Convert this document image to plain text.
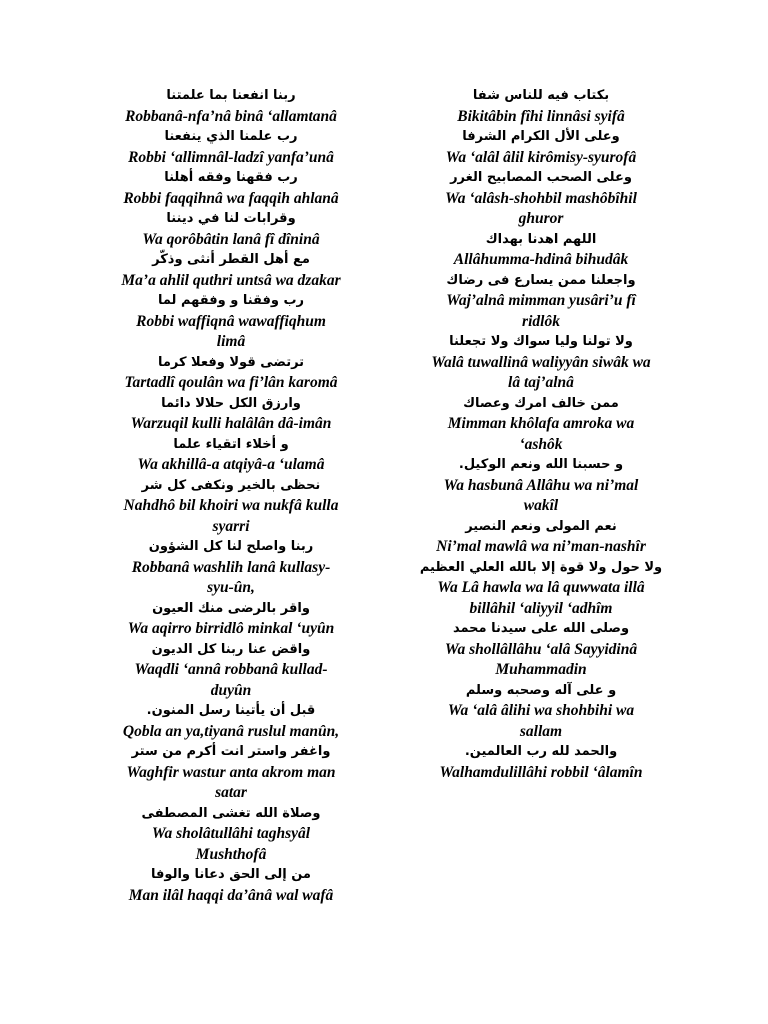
ربنا انفعنا بما علمتنا
Robbanâ-nfa’nâ binâ ‘allamtanâ
رب علمنا الذي ينفعنا
Robbi ‘allimnâl-ladzî yanfa’unâ
رب فقهنا وفقه أهلنا
Robbi faqqihnâ wa faqqih ahlanâ
وقرابات لنا في ديننا
Wa qorôbâtin lanâ fî dîninâ
مع أهل القطر أنثى وذكّر
Ma’a ahlil quthri untsâ wa dzakar
رب وفقنا و وفقهم لما
Robbi waffiqnâ wawaffiqhum
limâ
ترتضى قولا وفعلا كرما
Tartadlî qoulân wa fi’lân karomâ
وارزق الكل حلالا دائما
Warzuqil kulli halâlân dâ-imân
و أخلاء اتقياء علما
Wa akhillâ-a atqiyâ-a ‘ulamâ
نحظى بالخير ونكفى كل شر
Nahdhô bil khoiri wa nukfâ kulla
syarri
ربنا واصلح لنا كل الشؤون
Robbanâ washlih lanâ kullasy-
syu-ûn,
واقر بالرضى منك العيون
Wa aqirro birridlô minkal ‘uyûn
واقض عنا ربنا كل الديون
Waqdli ‘annâ robbanâ kullad-
duyûn
قبل أن يأتينا رسل المنون.
Qobla an ya,tiyanâ ruslul manûn,
واغفر واستر انت أكرم من ستر
Waghfir wastur anta akrom man
satar
وصلاة الله تغشى المصطفى
Wa sholâtullâhi taghsyâl
Mushthofâ
من إلى الحق دعانا والوفا
Man ilâl haqqi da’ânâ wal wafâ
بكتاب فيه للناس شفا
Bikitâbin fîhi linnâsi syifâ
وعلى الأل الكرام الشرفا
Wa ‘alâl âlil kirômisy-syurofâ
وعلى الصحب المصابيح الغرر
Wa ‘alâsh-shohbil mashôbîhil
ghuror
اللهم اهدنا بهداك
Allâhumma-hdinâ bihudâk
واجعلنا ممن يسارع فى رضاك
Waj’alnâ mimman yusâri’u fî
ridlôk
ولا تولنا وليا سواك ولا تجعلنا
Walâ tuwallinâ waliyyân siwâk wa
lâ taj’alnâ
ممن خالف امرك وعصاك
Mimman khôlafa amroka wa
‘ashôk
و حسبنا الله ونعم الوكيل.
Wa hasbunâ Allâhu wa ni’mal
wakîl
نعم المولى ونعم النصير
Ni’mal mawlâ wa ni’man-nashîr
ولا حول ولا قوة إلا بالله العلي العظيم
Wa Lâ hawla wa lâ quwwata illâ
billâhil ‘aliyyil ‘adhîm
وصلى الله على سيدنا محمد
Wa shollâllâhu ‘alâ Sayyidinâ
Muhammadin
و على آله وصحبه وسلم
Wa ‘alâ âlihi wa shohbihi wa
sallam
والحمد لله رب العالمين.
Walhamdulillâhi robbil ‘âlamîn
